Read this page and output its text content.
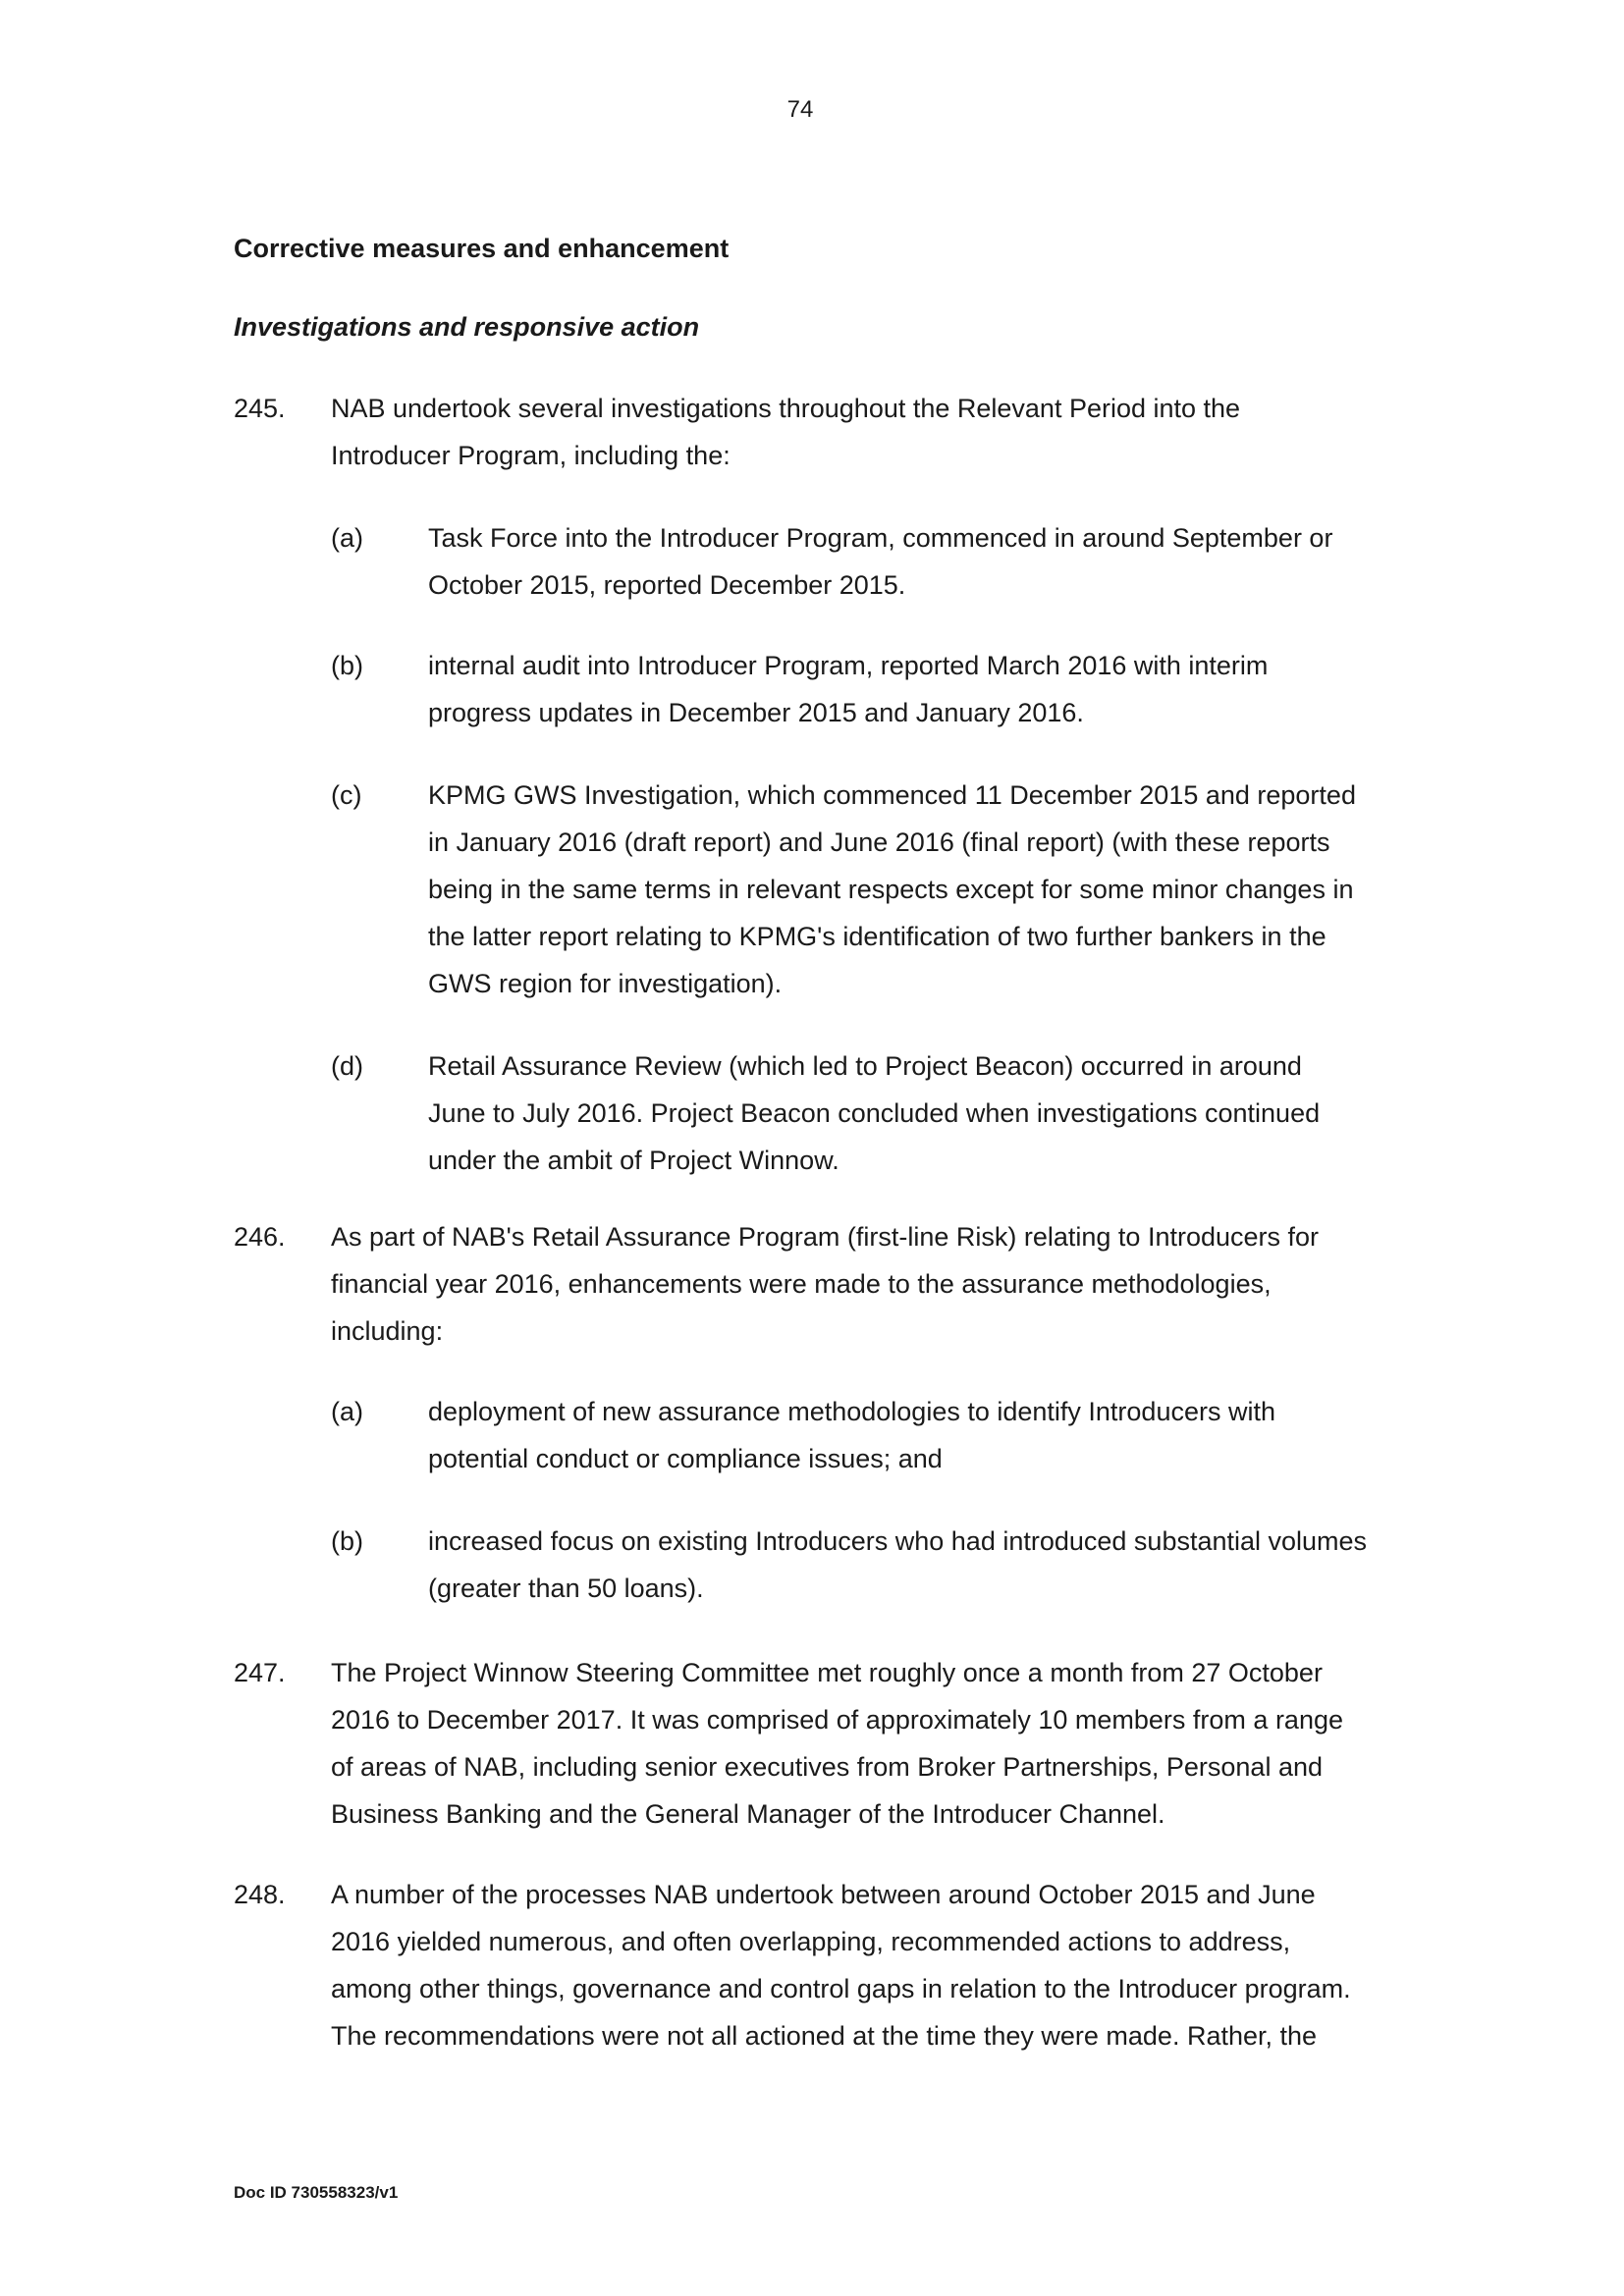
74
Corrective measures and enhancement
Investigations and responsive action
245. NAB undertook several investigations throughout the Relevant Period into the
Introducer Program, including the:
(a) Task Force into the Introducer Program, commenced in around September or
October 2015, reported December 2015.
(b) internal audit into Introducer Program, reported March 2016 with interim
progress updates in December 2015 and January 2016.
(c)	KPMG GWS Investigation, which commenced 11 December 2015 and reported
in January 2016 (draft report) and June 2016 (final report) (with these reports
being in the same terms in relevant respects except for some minor changes in
the latter report relating to KPMG's identification of two further bankers in the
GWS region for investigation).
(d) Retail Assurance Review (which led to Project Beacon) occurred in around
June to July 2016. Project Beacon concluded when investigations continued
under the ambit of Project Winnow.
246. As part of NAB's Retail Assurance Program (first-line Risk) relating to Introducers for
financial year 2016, enhancements were made to the assurance methodologies,
including:
(a) deployment of new assurance methodologies to identify Introducers with
potential conduct or compliance issues; and
(b) increased focus on existing Introducers who had introduced substantial volumes
(greater than 50 loans).
247. The Project Winnow Steering Committee met roughly once a month from 27 October
2016 to December 2017. It was comprised of approximately 10 members from a range
of areas of NAB, including senior executives from Broker Partnerships, Personal and
Business Banking and the General Manager of the Introducer Channel.
248. A number of the processes NAB undertook between around October 2015 and June
2016 yielded numerous, and often overlapping, recommended actions to address,
among other things, governance and control gaps in relation to the Introducer program.
The recommendations were not all actioned at the time they were made. Rather, the
Doc ID 730558323/v1
